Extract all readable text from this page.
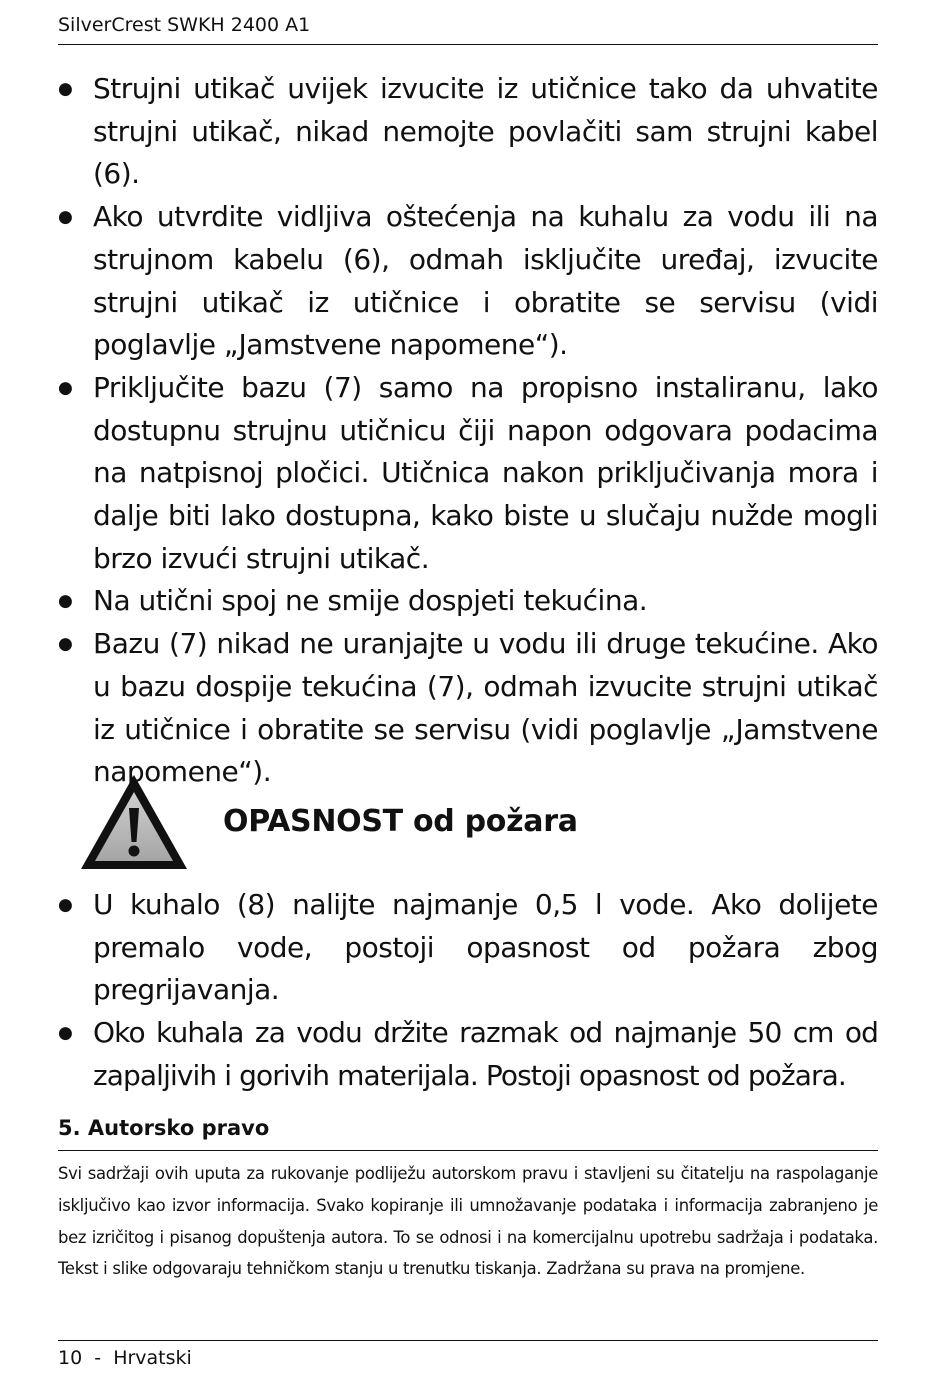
SilverCrest SWKH 2400 A1
● Strujni utikač uvijek izvucite iz utičnice tako da uhvatite strujni utikač, nikad nemojte povlačiti sam strujni kabel (6).
● Ako utvrdite vidljiva oštećenja na kuhalu za vodu ili na strujnom kabelu (6), odmah isključite uređaj, izvucite strujni utikač iz utičnice i obratite se servisu (vidi poglavlje „Jamstvene napomene“).
● Priključite bazu (7) samo na propisno instaliranu, lako dostupnu strujnu utičnicu čiji napon odgovara podacima na natpisnoj pločici. Utičnica nakon priključivanja mora i dalje biti lako dostupna, kako biste u slučaju nužde mogli brzo izvući strujni utikač.
● Na utični spoj ne smije dospjeti tekućina.
● Bazu (7) nikad ne uranjajte u vodu ili druge tekućine. Ako u bazu dospije tekućina (7), odmah izvucite strujni utikač iz utičnice i obratite se servisu (vidi poglavlje „Jamstvene napomene“).
OPASNOST od požara
● U kuhalo (8) nalijte najmanje 0,5 l vode. Ako dolijete premalo vode, postoji opasnost od požara zbog pregrijavanja.
● Oko kuhala za vodu držite razmak od najmanje 50 cm od zapaljivih i gorivih materijala. Postoji opasnost od požara.
5. Autorsko pravo

Svi sadržaji ovih uputa za rukovanje podliježu autorskom pravu i stavljeni su čitatelju na raspolaganje isključivo kao izvor informacija. Svako kopiranje ili umnožavanje podataka i informacija zabranjeno je bez izričitog i pisanog dopuštenja autora. To se odnosi i na komercijalnu upotrebu sadržaja i podataka. Tekst i slike odgovaraju tehničkom stanju u trenutku tiskanja. Zadržana su prava na promjene.

10  -  Hrvatski
